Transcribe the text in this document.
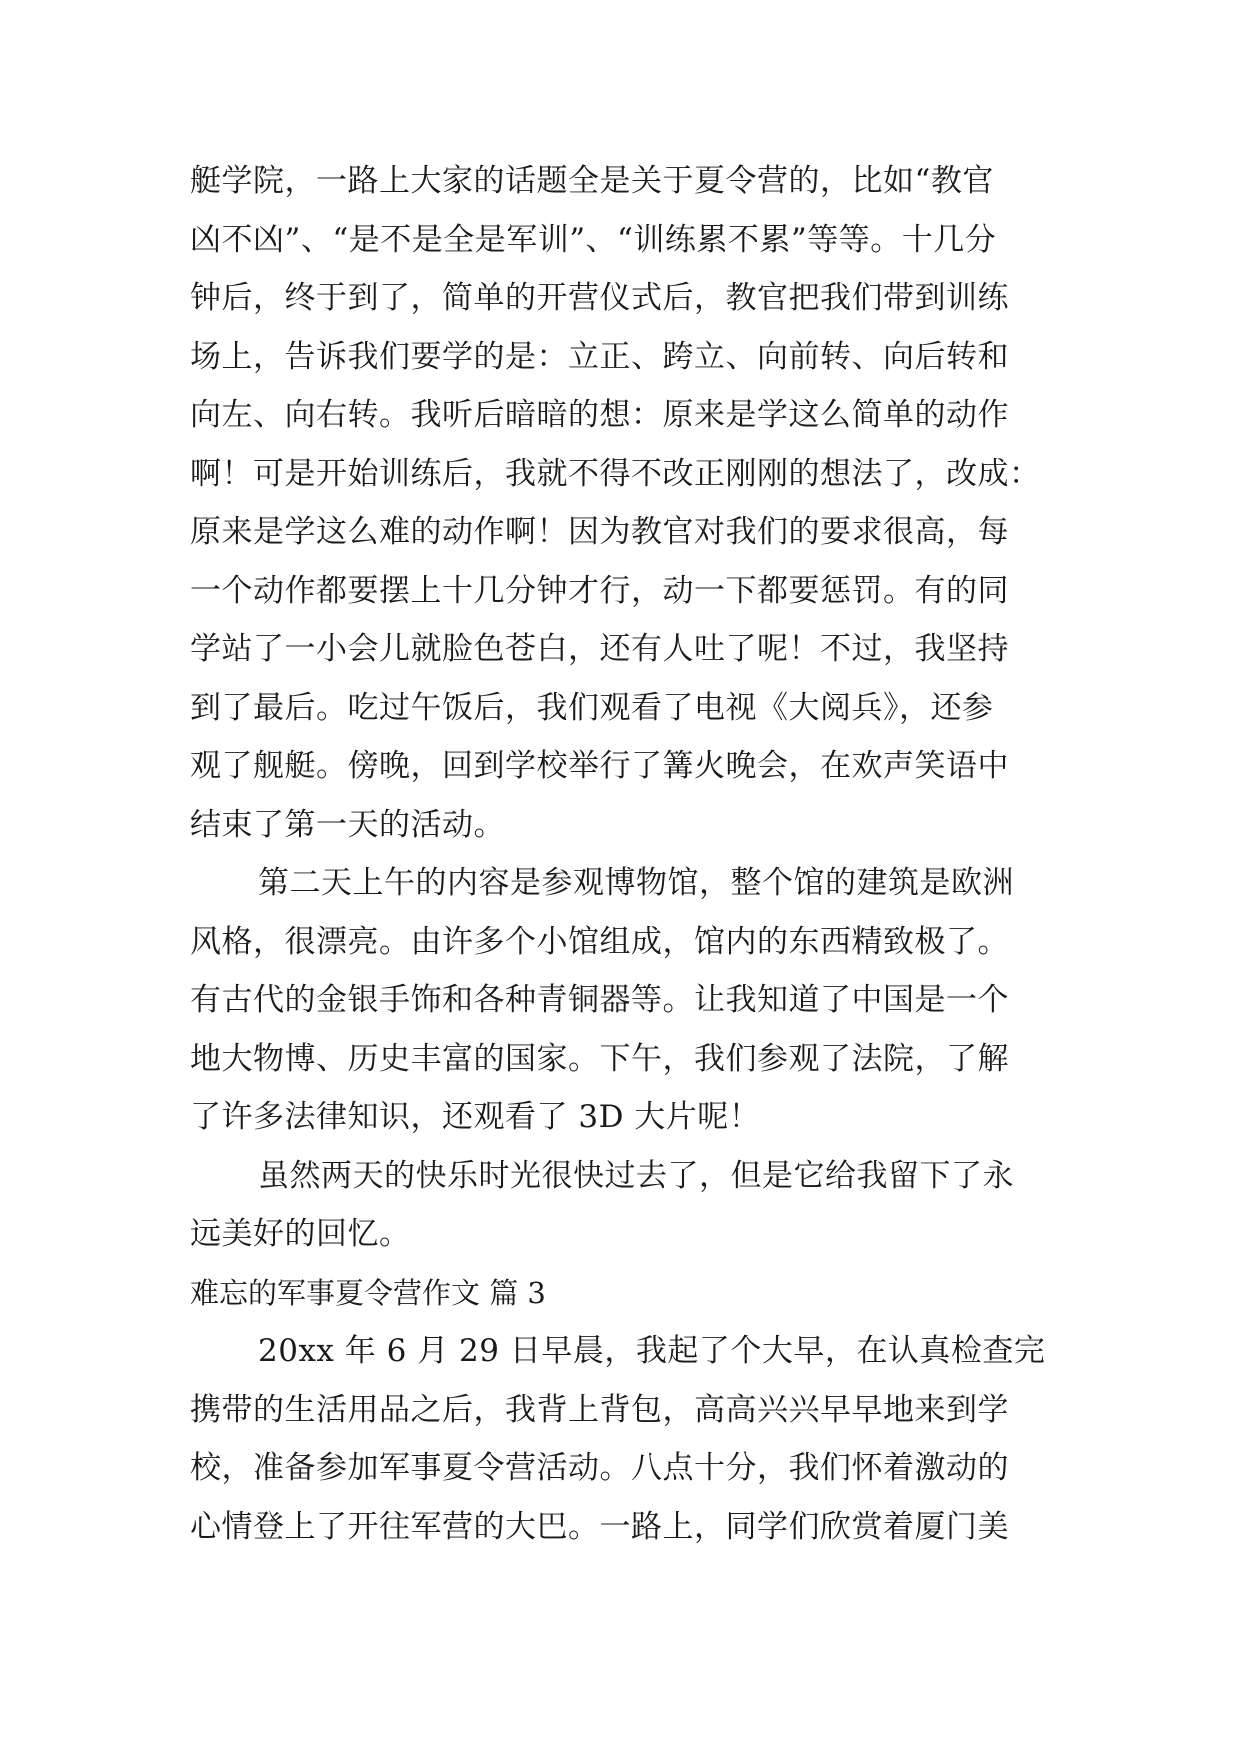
艇学院，一路上大家的话题全是关于夏令营的，比如“教官
凶不凶”、“是不是全是军训”、“训练累不累”等等。十几分
钟后，终于到了，简单的开营仪式后，教官把我们带到训练
场上，告诉我们要学的是：立正、跨立、向前转、向后转和
向左、向右转。我听后暗暗的想：原来是学这么简单的动作
啊！可是开始训练后，我就不得不改正刚刚的想法了，改成：
原来是学这么难的动作啊！因为教官对我们的要求很高，每
一个动作都要摆上十几分钟才行，动一下都要惩罚。有的同
学站了一小会儿就脸色苍白，还有人吐了呢！不过，我坚持
到了最后。吃过午饭后，我们观看了电视《大阅兵》，还参
观了舰艇。傍晚，回到学校举行了篝火晚会，在欢声笑语中
结束了第一天的活动。
第二天上午的内容是参观博物馆，整个馆的建筑是欧洲
风格，很漂亮。由许多个小馆组成，馆内的东西精致极了。
有古代的金银手饰和各种青铜器等。让我知道了中国是一个
地大物博、历史丰富的国家。下午，我们参观了法院，了解
了许多法律知识，还观看了 3D 大片呢！
虽然两天的快乐时光很快过去了，但是它给我留下了永
远美好的回忆。
难忘的军事夏令营作文 篇 3
20xx 年 6 月 29 日早晨，我起了个大早，在认真检查完
携带的生活用品之后，我背上背包，高高兴兴早早地来到学
校，准备参加军事夏令营活动。八点十分，我们怀着激动的
心情登上了开往军营的大巴。一路上，同学们欣赏着厦门美
